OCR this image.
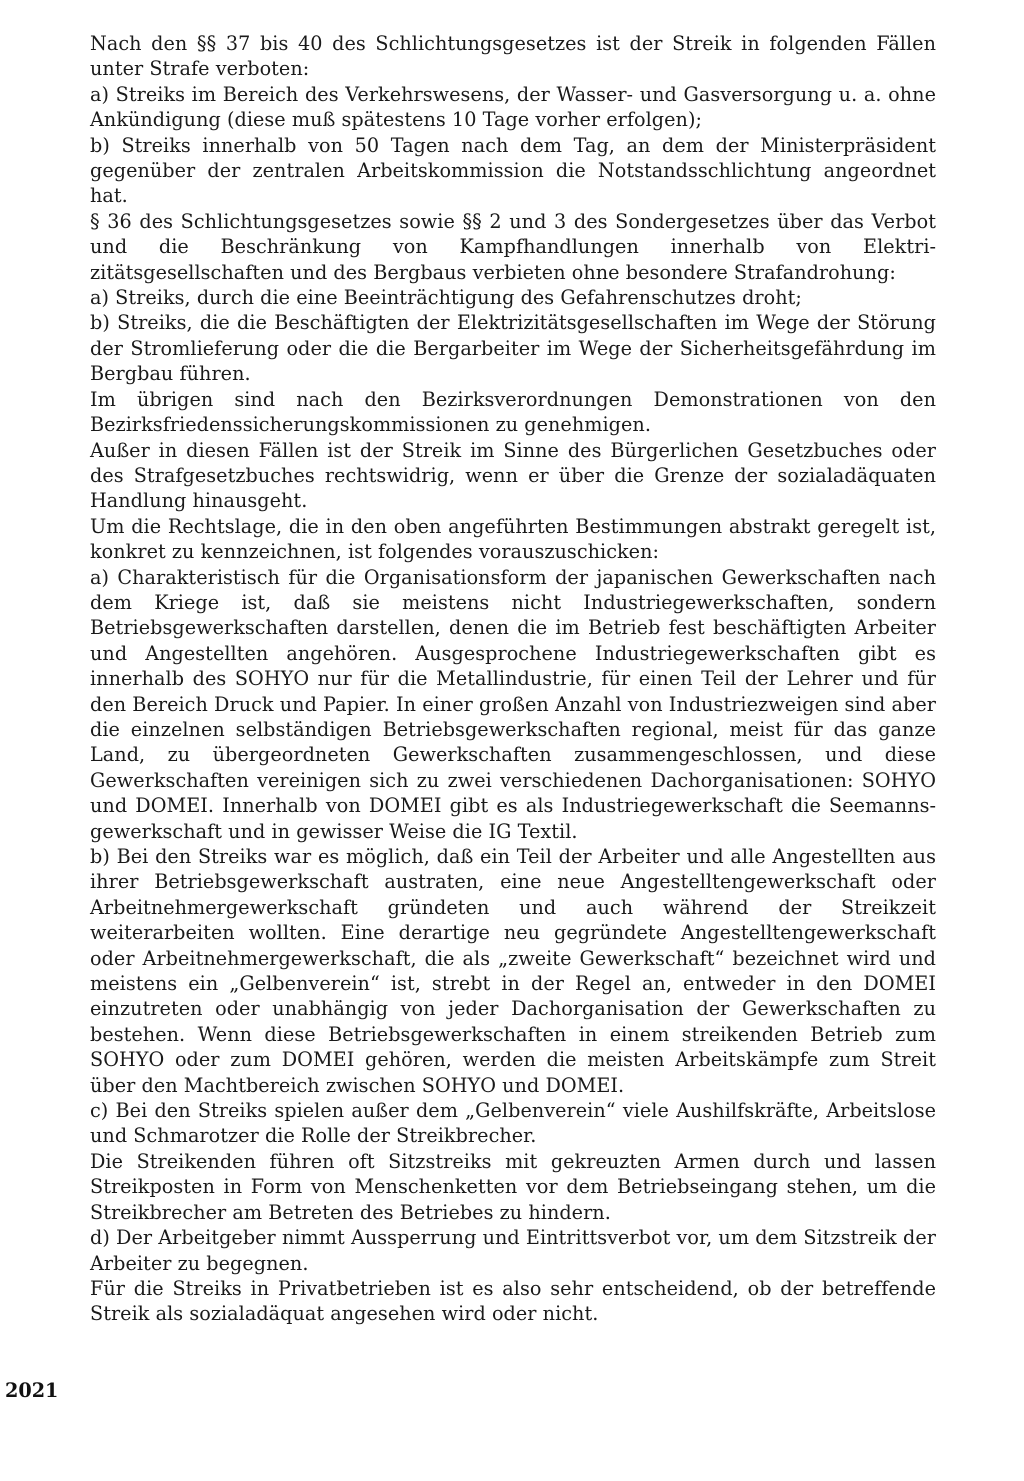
Nach den §§ 37 bis 40 des Schlichtungsgesetzes ist der Streik in folgenden Fällen unter Strafe verboten:

a) Streiks im Bereich des Verkehrswesens, der Wasser- und Gasversorgung u. a. ohne Ankündigung (diese muß spätestens 10 Tage vorher erfolgen);

b) Streiks innerhalb von 50 Tagen nach dem Tag, an dem der Ministerpräsident gegenüber der zentralen Arbeitskommission die Notstandsschlichtung angeordnet hat.

§ 36 des Schlichtungsgesetzes sowie §§ 2 und 3 des Sondergesetzes über das Verbot und die Beschränkung von Kampfhandlungen innerhalb von Elektrizitätsgesellschaften und des Bergbaus verbieten ohne besondere Strafandrohung:

a) Streiks, durch die eine Beeinträchtigung des Gefahrenschutzes droht;

b) Streiks, die die Beschäftigten der Elektrizitätsgesellschaften im Wege der Störung der Stromlieferung oder die die Bergarbeiter im Wege der Sicherheitsgefährdung im Bergbau führen.

Im übrigen sind nach den Bezirksverordnungen Demonstrationen von den Bezirksfriedenssicherungskommissionen zu genehmigen.

Außer in diesen Fällen ist der Streik im Sinne des Bürgerlichen Gesetzbuches oder des Strafgesetzbuches rechtswidrig, wenn er über die Grenze der sozialadäquaten Handlung hinausgeht.

Um die Rechtslage, die in den oben angeführten Bestimmungen abstrakt geregelt ist, konkret zu kennzeichnen, ist folgendes vorauszuschicken:

a) Charakteristisch für die Organisationsform der japanischen Gewerkschaften nach dem Kriege ist, daß sie meistens nicht Industriegewerkschaften, sondern Betriebsgewerkschaften darstellen, denen die im Betrieb fest beschäftigten Arbeiter und Angestellten angehören. Ausgesprochene Industriegewerkschaften gibt es innerhalb des SOHYO nur für die Metallindustrie, für einen Teil der Lehrer und für den Bereich Druck und Papier. In einer großen Anzahl von Industriezweigen sind aber die einzelnen selbständigen Betriebsgewerkschaften regional, meist für das ganze Land, zu übergeordneten Gewerkschaften zusammengeschlossen, und diese Gewerkschaften vereinigen sich zu zwei verschiedenen Dachorganisationen: SOHYO und DOMEI. Innerhalb von DOMEI gibt es als Industriegewerkschaft die Seemannsgewerkschaft und in gewisser Weise die IG Textil.

b) Bei den Streiks war es möglich, daß ein Teil der Arbeiter und alle Angestellten aus ihrer Betriebsgewerkschaft austraten, eine neue Angestelltengewerkschaft oder Arbeitnehmergewerkschaft gründeten und auch während der Streikzeit weiterarbeiten wollten. Eine derartige neu gegründete Angestelltengewerkschaft oder Arbeitnehmergewerkschaft, die als „zweite Gewerkschaft“ bezeichnet wird und meistens ein „Gelbenverein“ ist, strebt in der Regel an, entweder in den DOMEI einzutreten oder unabhängig von jeder Dachorganisation der Gewerkschaften zu bestehen. Wenn diese Betriebsgewerkschaften in einem streikenden Betrieb zum SOHYO oder zum DOMEI gehören, werden die meisten Arbeitskämpfe zum Streit über den Machtbereich zwischen SOHYO und DOMEI.

c) Bei den Streiks spielen außer dem „Gelbenverein“ viele Aushilfskräfte, Arbeitslose und Schmarotzer die Rolle der Streikbrecher.

Die Streikenden führen oft Sitzstreiks mit gekreuzten Armen durch und lassen Streikposten in Form von Menschenketten vor dem Betriebseingang stehen, um die Streikbrecher am Betreten des Betriebes zu hindern.

d) Der Arbeitgeber nimmt Aussperrung und Eintrittsverbot vor, um dem Sitzstreik der Arbeiter zu begegnen.

Für die Streiks in Privatbetrieben ist es also sehr entscheidend, ob der betreffende Streik als sozialadäquat angesehen wird oder nicht.

2021
